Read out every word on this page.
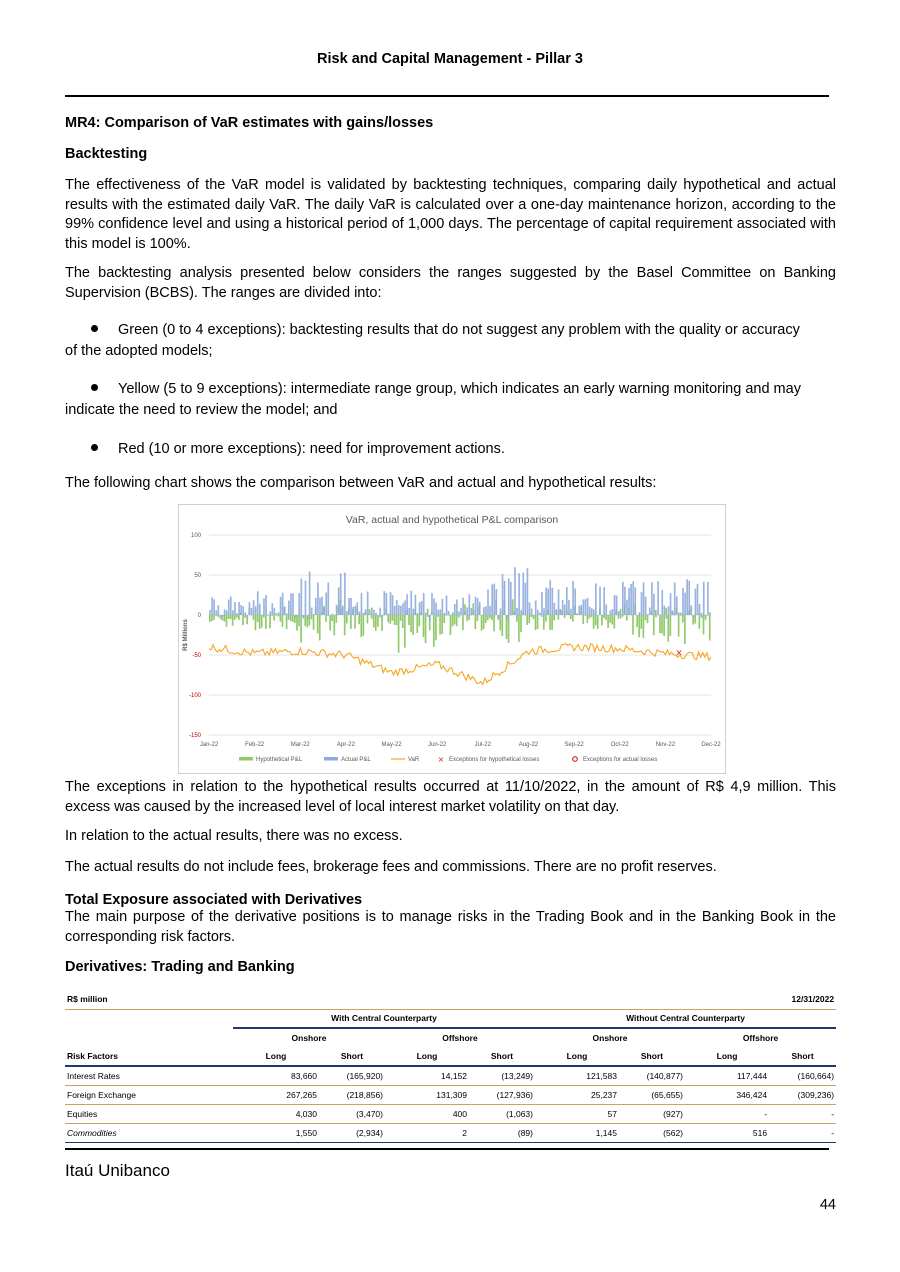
Risk and Capital Management - Pillar 3
MR4: Comparison of VaR estimates with gains/losses
Backtesting
The effectiveness of the VaR model is validated by backtesting techniques, comparing daily hypothetical and actual results with the estimated daily VaR. The daily VaR is calculated over a one-day maintenance horizon, according to the 99% confidence level and using a historical period of 1,000 days. The percentage of capital requirement associated with this model is 100%.
The backtesting analysis presented below considers the ranges suggested by the Basel Committee on Banking Supervision (BCBS). The ranges are divided into:
Green (0 to 4 exceptions): backtesting results that do not suggest any problem with the quality or accuracy
of the adopted models;
Yellow (5 to 9 exceptions): intermediate range group, which indicates an early warning monitoring and may
indicate the need to review the model; and
Red (10 or more exceptions): need for improvement actions.
The following chart shows the comparison between VaR and actual and hypothetical results:
VaR, actual and hypothetical P&L comparison
100
50
0
-50
-100
-150
R$ Millions
Jan-22	Feb-22	Mar-22	Apr-22	May-22	Jun-22	Jul-22	Aug-22	Sep-22	Oct-22	Nov-22	Dec-22
×
Hypothetical P&L	Actual P&L	VaR × Exceptions for hypothetical losses	Exceptions for actual losses
The exceptions in relation to the hypothetical results occurred at 11/10/2022, in the amount of R$ 4,9 million. This excess was caused by the increased level of local interest market volatility on that day.
In relation to the actual results, there was no excess.
The actual results do not include fees, brokerage fees and commissions. There are no profit reserves.
Total Exposure associated with Derivatives
The main purpose of the derivative positions is to manage risks in the Trading Book and in the Banking Book in the corresponding risk factors.
Derivatives: Trading and Banking
R$ million								12/31/2022
	With Central Counterparty				Without Central Counterparty			
	Onshore		Offshore		Onshore		Offshore	
Risk Factors	Long	Short	Long	Short	Long	Short	Long	Short
Interest Rates	83,660	(165,920)	14,152	(13,249)	121,583	(140,877)	117,444	(160,664)
Foreign Exchange	267,265	(218,856)	131,309	(127,936)	25,237	(65,655)	346,424	(309,236)
Equities	4,030	(3,470)	400	(1,063)	57	(927)	-	-
Commodities	1,550	(2,934)	2	(89)	1,145	(562)	516	-
Itaú Unibanco
44
